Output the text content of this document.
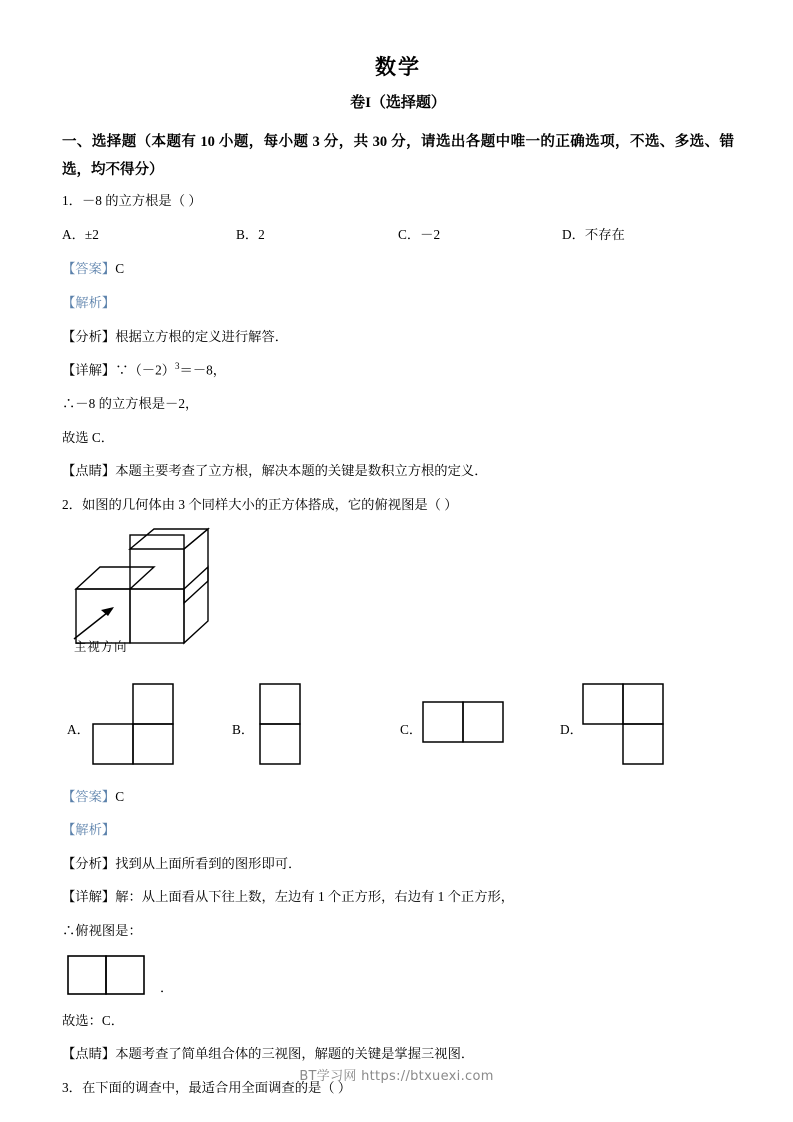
数学
卷I（选择题）
一、选择题（本题有 10 小题，每小题 3 分，共 30 分，请选出各题中唯一的正确选项，不选、多选、错选，均不得分）
1．－8 的立方根是（ ）
A．±2	B．2	C．－2	D．不存在
【答案】C
【解析】
【分析】根据立方根的定义进行解答．
【详解】$\because(-2)^3=-8$，
∴－8 的立方根是－2，
故选 C．
【点睛】本题主要考查了立方根，解决本题的关键是数积立方根的定义．
2．如图的几何体由 3 个同样大小的正方体搭成，它的俯视图是（ ）
主视方向
A．	B．	C．	D．
【答案】C
【解析】
【分析】找到从上面所看到的图形即可．
【详解】解：从上面看从下往上数，左边有 1 个正方形，右边有 1 个正方形，
∴俯视图是：
．
故选：C．
【点睛】本题考查了简单组合体的三视图，解题的关键是掌握三视图．
3．在下面的调查中，最适合用全面调查的是（ ）
BT学习网 https://btxuexi.com
